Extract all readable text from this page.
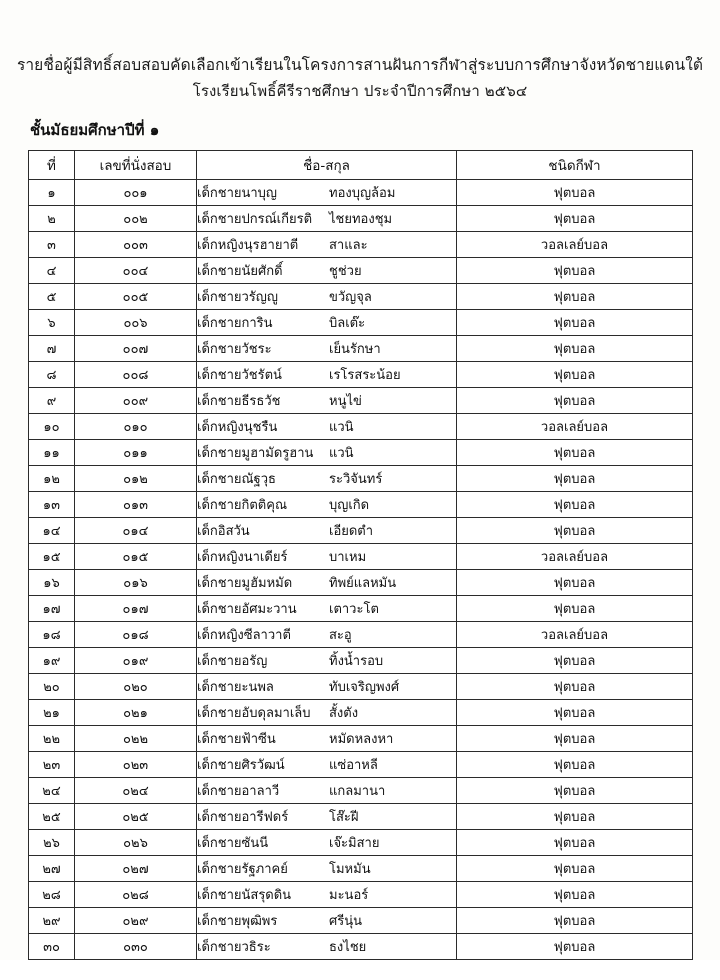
รายชื่อผู้มีสิทธิ์สอบสอบคัดเลือกเข้าเรียนในโครงการสานฝันการกีฬาสู่ระบบการศึกษาจังหวัดชายแดนใต้
โรงเรียนโพธิ์คีรีราชศึกษา ประจำปีการศึกษา ๒๕๖๔
ชั้นมัธยมศึกษาปีที่ ๑
ที่	เลขที่นั่งสอบ	ชื่อ-สกุล	ชนิดกีฬา
๑	๐๐๑	เด็กชายนาบุญ ทองบุญล้อม	ฟุตบอล
๒	๐๐๒	เด็กชายปกรณ์เกียรติ ไชยทองชุม	ฟุตบอล
๓	๐๐๓	เด็กหญิงนุรฮายาตี สาและ	วอลเลย์บอล
๔	๐๐๔	เด็กชายนัยศักดิ์ ชูช่วย	ฟุตบอล
๕	๐๐๕	เด็กชายวรัญญู ขวัญจุล	ฟุตบอล
๖	๐๐๖	เด็กชายการิน บิลเต๊ะ	ฟุตบอล
๗	๐๐๗	เด็กชายวัชระ เย็นรักษา	ฟุตบอล
๘	๐๐๘	เด็กชายวัชรัตน์ เรโรสระน้อย	ฟุตบอล
๙	๐๐๙	เด็กชายธีรธวัช หนูไข่	ฟุตบอล
๑๐	๐๑๐	เด็กหญิงนุชรืน แวนิ	วอลเลย์บอล
๑๑	๐๑๑	เด็กชายมูฮามัดรูฮาน แวนิ	ฟุตบอล
๑๒	๐๑๒	เด็กชายณัฐวุธ ระวิจันทร์	ฟุตบอล
๑๓	๐๑๓	เด็กชายกิตติคุณ บุญเกิด	ฟุตบอล
๑๔	๐๑๔	เด็กอิสวัน เอียดตำ	ฟุตบอล
๑๕	๐๑๕	เด็กหญิงนาเดียร์ บาเหม	วอลเลย์บอล
๑๖	๐๑๖	เด็กชายมูฮัมหมัด ทิพย์แลหมัน	ฟุตบอล
๑๗	๐๑๗	เด็กชายอัศมะวาน เตาวะโต	ฟุตบอล
๑๘	๐๑๘	เด็กหญิงซีลาวาตี สะอู	วอลเลย์บอล
๑๙	๐๑๙	เด็กชายอรัญ ทิ้งน้ำรอบ	ฟุตบอล
๒๐	๐๒๐	เด็กชายะนพล ทับเจริญพงศ์	ฟุตบอล
๒๑	๐๒๑	เด็กชายอับดุลมาเล็บ สั้งตัง	ฟุตบอล
๒๒	๐๒๒	เด็กชายฟ้าซีน หมัดหลงหา	ฟุตบอล
๒๓	๐๒๓	เด็กชายศิรวัฒน์ แซ่อาหลี	ฟุตบอล
๒๔	๐๒๔	เด็กชายอาลาวี แกลมานา	ฟุตบอล
๒๕	๐๒๕	เด็กชายอารีฟดร์ โส๊ะฝี	ฟุตบอล
๒๖	๐๒๖	เด็กชายซันนี เจ๊ะมิสาย	ฟุตบอล
๒๗	๐๒๗	เด็กชายรัฐภาคย์ โมหมัน	ฟุตบอล
๒๘	๐๒๘	เด็กชายนัสรุดดิน มะนอร์	ฟุตบอล
๒๙	๐๒๙	เด็กชายพุฒิพร ศรีนุ่น	ฟุตบอล
๓๐	๐๓๐	เด็กชายวธิระ ธงไชย	ฟุตบอล
